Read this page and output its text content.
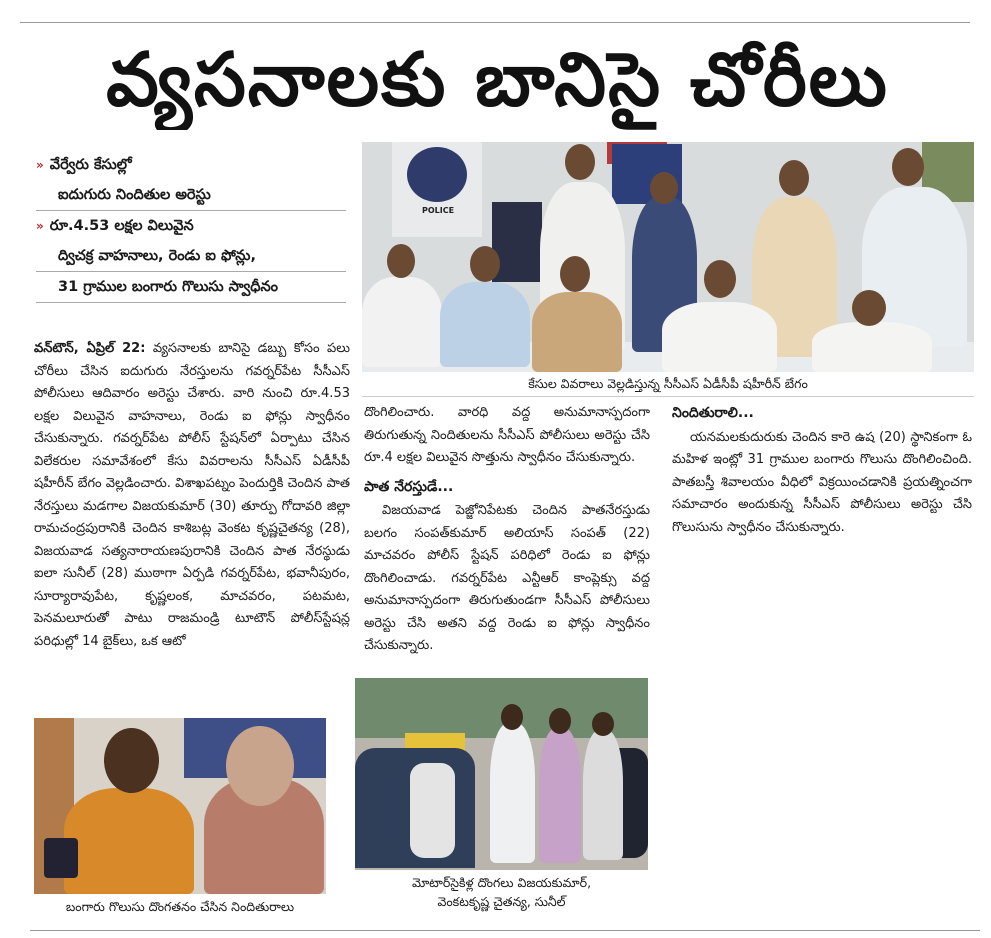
వ్యసనాలకు బానిసై చోరీలు
» వేర్వేరు కేసుల్లో
ఐదుగురు నిందితుల అరెస్టు
» రూ.4.53 లక్షల విలువైన
ద్విచక్ర వాహనాలు, రెండు ఐ ఫోన్లు,
31 గ్రాముల బంగారు గొలుసు స్వాధీనం

వన్‌టౌన్‌, ఏప్రిల్‌ 22: వ్యసనాలకు బానిసై డబ్బు కోసం పలు చోరీలు చేసిన ఐదుగురు నేరస్తులను గవర్నర్‌పేట సీసీఎస్‌ పోలీసులు ఆదివారం అరెస్టు చేశారు. వారి నుంచి రూ.4.53 లక్షల విలువైన వాహనాలు, రెండు ఐ ఫోన్లు స్వాధీనం చేసుకున్నారు. గవర్నర్‌పేట పోలీస్‌ స్టేషన్‌లో ఏర్పాటు చేసిన విలేకరుల సమావేశంలో కేసు వివరాలను సీసీఎస్‌ ఏడీసీపీ షహీరీన్‌ బేగం వెల్లడించారు. విశాఖపట్నం పెందుర్తికి చెందిన పాత నేరస్తులు మడగాల విజయకుమార్‌ (30) తూర్పు గోదావరి జిల్లా రామచంద్రపురానికి చెందిన కాశిబట్ల వెంకట కృష్ణచైతన్య (28), విజయవాడ సత్యనారాయణపురానికి చెందిన పాత నేరస్థుడు ఐలా సునీల్‌ (28) ముఠాగా ఏర్పడి గవర్నర్‌పేట, భవానీపురం, సూర్యారావుపేట, కృష్ణలంక, మాచవరం, పటమట, పెనమలూరుతో పాటు రాజమండ్రి టూటౌన్‌ పోలీస్‌స్టేషన్ల పరిధుల్లో 14 బైక్‌లు, ఒక ఆటో

POLICE
కేసుల వివరాలు వెల్లడిస్తున్న సీసీఎస్‌ ఏడీసీపీ షహీరీన్‌ బేగం

దొంగిలించారు. వారధి వద్ద అనుమానాస్పదంగా తిరుగుతున్న నిందితులను సీసీఎస్‌ పోలీసులు అరెస్టు చేసి రూ.4 లక్షల విలువైన సొత్తును స్వాధీనం చేసుకున్నారు.

పాత నేరస్తుడే...

విజయవాడ పెజ్జోనిపేటకు చెందిన పాతనేరస్తుడు బలగం సంపత్‌కుమార్‌ అలియాస్‌ సంపత్‌ (22) మాచవరం పోలీస్‌ స్టేషన్‌ పరిధిలో రెండు ఐ ఫోన్లు దొంగిలించాడు. గవర్నర్‌పేట ఎన్టీఆర్‌ కాంప్లెక్సు వద్ద అనుమానాస్పదంగా తిరుగుతుండగా సీసీఎస్‌ పోలీసులు అరెస్టు చేసి అతని వద్ద రెండు ఐ ఫోన్లు స్వాధీనం చేసుకున్నారు.

నిందితురాలి...

యనమలకుదురుకు చెందిన కారె ఉష (20) స్థానికంగా ఓ మహిళ ఇంట్లో 31 గ్రాముల బంగారు గొలుసు దొంగిలించింది. పాతబస్తీ శివాలయం వీధిలో విక్రయించడానికి ప్రయత్నించగా సమాచారం అందుకున్న సీసీఎస్‌ పోలీసులు అరెస్టు చేసి గొలుసును స్వాధీనం చేసుకున్నారు.

బంగారు గొలుసు దొంగతనం చేసిన నిందితురాలు
మోటార్‌సైకిళ్ల దొంగలు విజయకుమార్‌,
వెంకటకృష్ణ చైతన్య, సునీల్‌
